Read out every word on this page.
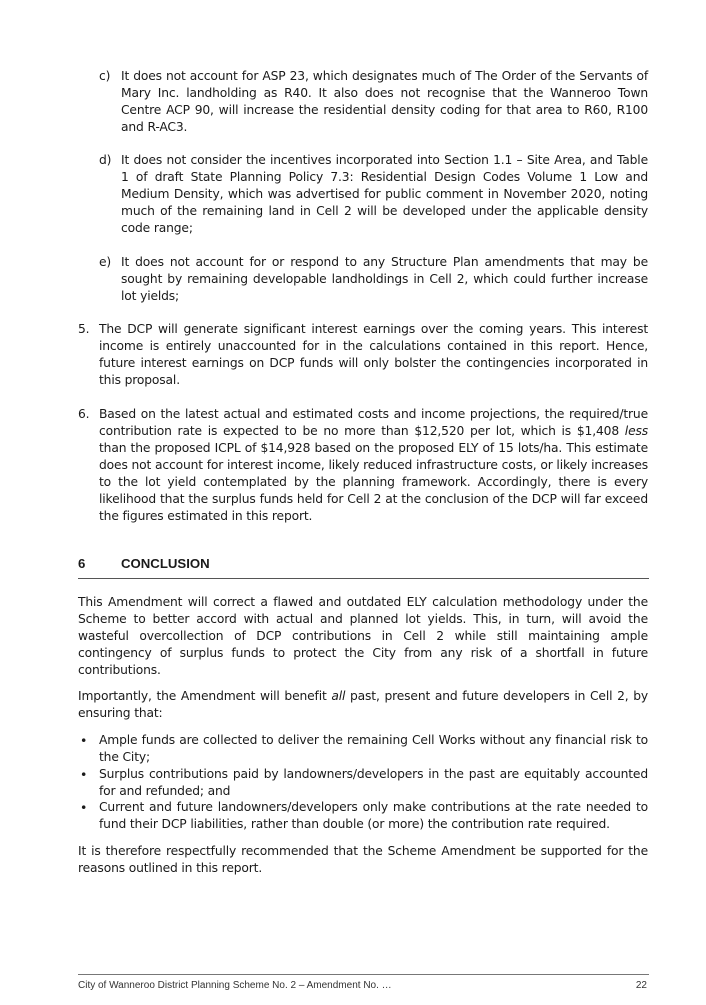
c) It does not account for ASP 23, which designates much of The Order of the Servants of Mary Inc. landholding as R40. It also does not recognise that the Wanneroo Town Centre ACP 90, will increase the residential density coding for that area to R60, R100 and R-AC3.

d) It does not consider the incentives incorporated into Section 1.1 – Site Area, and Table 1 of draft State Planning Policy 7.3: Residential Design Codes Volume 1 Low and Medium Density, which was advertised for public comment in November 2020, noting much of the remaining land in Cell 2 will be developed under the applicable density code range;

e) It does not account for or respond to any Structure Plan amendments that may be sought by remaining developable landholdings in Cell 2, which could further increase lot yields;

5. The DCP will generate significant interest earnings over the coming years. This interest income is entirely unaccounted for in the calculations contained in this report. Hence, future interest earnings on DCP funds will only bolster the contingencies incorporated in this proposal.

6. Based on the latest actual and estimated costs and income projections, the required/true contribution rate is expected to be no more than $12,520 per lot, which is $1,408 less than the proposed ICPL of $14,928 based on the proposed ELY of 15 lots/ha. This estimate does not account for interest income, likely reduced infrastructure costs, or likely increases to the lot yield contemplated by the planning framework. Accordingly, there is every likelihood that the surplus funds held for Cell 2 at the conclusion of the DCP will far exceed the figures estimated in this report.

6	CONCLUSION

This Amendment will correct a flawed and outdated ELY calculation methodology under the Scheme to better accord with actual and planned lot yields. This, in turn, will avoid the wasteful overcollection of DCP contributions in Cell 2 while still maintaining ample contingency of surplus funds to protect the City from any risk of a shortfall in future contributions.

Importantly, the Amendment will benefit all past, present and future developers in Cell 2, by ensuring that:

• Ample funds are collected to deliver the remaining Cell Works without any financial risk to the City;

• Surplus contributions paid by landowners/developers in the past are equitably accounted for and refunded; and

• Current and future landowners/developers only make contributions at the rate needed to fund their DCP liabilities, rather than double (or more) the contribution rate required.

It is therefore respectfully recommended that the Scheme Amendment be supported for the reasons outlined in this report.

City of Wanneroo District Planning Scheme No. 2 – Amendment No. …	22
